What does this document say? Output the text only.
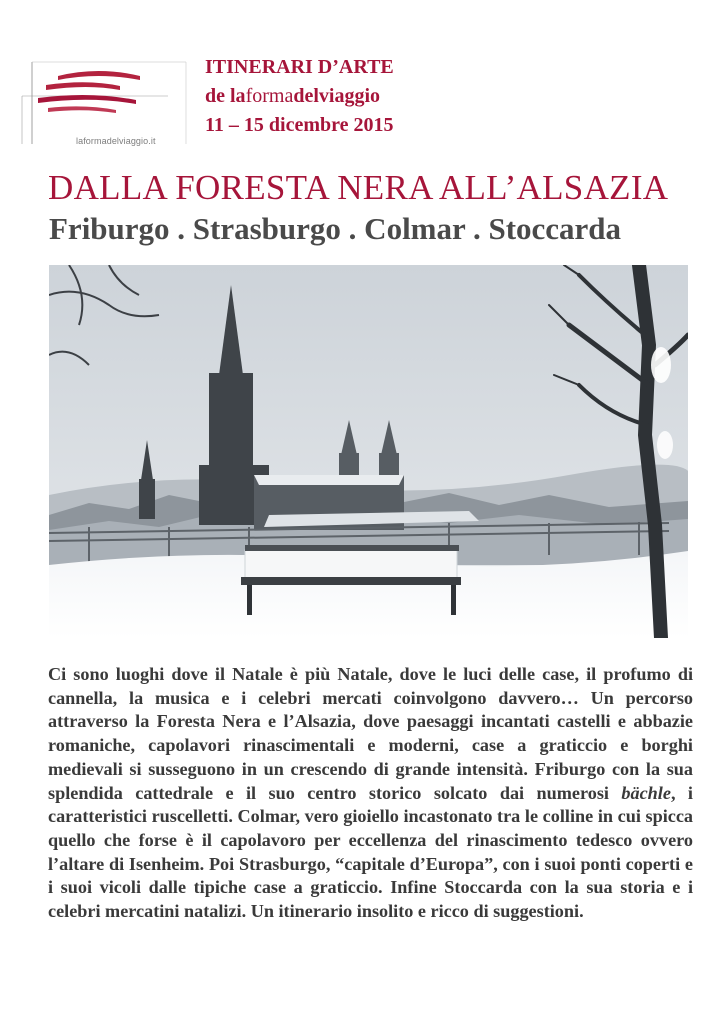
laformadelviaggio.it
ITINERARI D’ARTE
de laformadelviaggio
11 – 15 dicembre 2015
DALLA FORESTA NERA ALL’ALSAZIA
Friburgo . Strasburgo . Colmar . Stoccarda

Ci sono luoghi dove il Natale è più Natale, dove le luci delle case, il profumo di cannella, la musica e i celebri mercati coinvolgono davvero… Un percorso attraverso la Foresta Nera e l’Alsazia, dove paesaggi incantati castelli e abbazie romaniche, capolavori rinascimentali e moderni, case a graticcio e borghi medievali si susseguono in un crescendo di grande intensità. Friburgo con la sua splendida cattedrale e il suo centro storico solcato dai numerosi bächle, i caratteristici ruscelletti. Colmar, vero gioiello incastonato tra le colline in cui spicca quello che forse è il capolavoro per eccellenza del rinascimento tedesco ovvero l’altare di Isenheim. Poi Strasburgo, “capitale d’Europa”, con i suoi ponti coperti e i suoi vicoli dalle tipiche case a graticcio. Infine Stoccarda con la sua storia e i celebri mercatini natalizi. Un itinerario insolito e ricco di suggestioni.
